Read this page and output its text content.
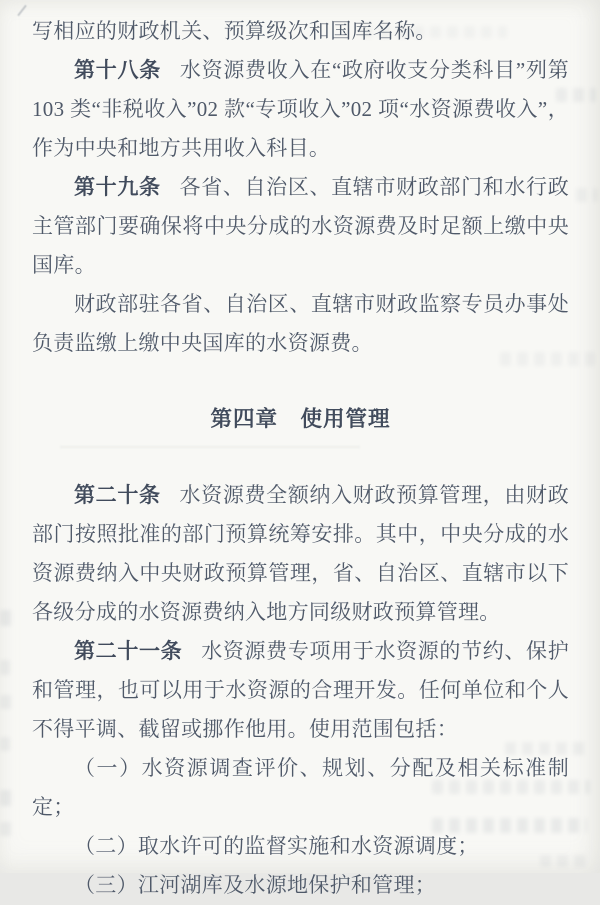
写相应的财政机关、预算级次和国库名称。

第十八条 水资源费收入在“政府收支分类科目”列第 103 类“非税收入”02 款“专项收入”02 项“水资源费收入”，作为中央和地方共用收入科目。

第十九条 各省、自治区、直辖市财政部门和水行政主管部门要确保将中央分成的水资源费及时足额上缴中央国库。

财政部驻各省、自治区、直辖市财政监察专员办事处负责监缴上缴中央国库的水资源费。

第四章　使用管理

第二十条 水资源费全额纳入财政预算管理，由财政部门按照批准的部门预算统筹安排。其中，中央分成的水资源费纳入中央财政预算管理，省、自治区、直辖市以下各级分成的水资源费纳入地方同级财政预算管理。

第二十一条 水资源费专项用于水资源的节约、保护和管理，也可以用于水资源的合理开发。任何单位和个人不得平调、截留或挪作他用。使用范围包括：

（一）水资源调查评价、规划、分配及相关标准制定；

（二）取水许可的监督实施和水资源调度；

（三）江河湖库及水源地保护和管理；
